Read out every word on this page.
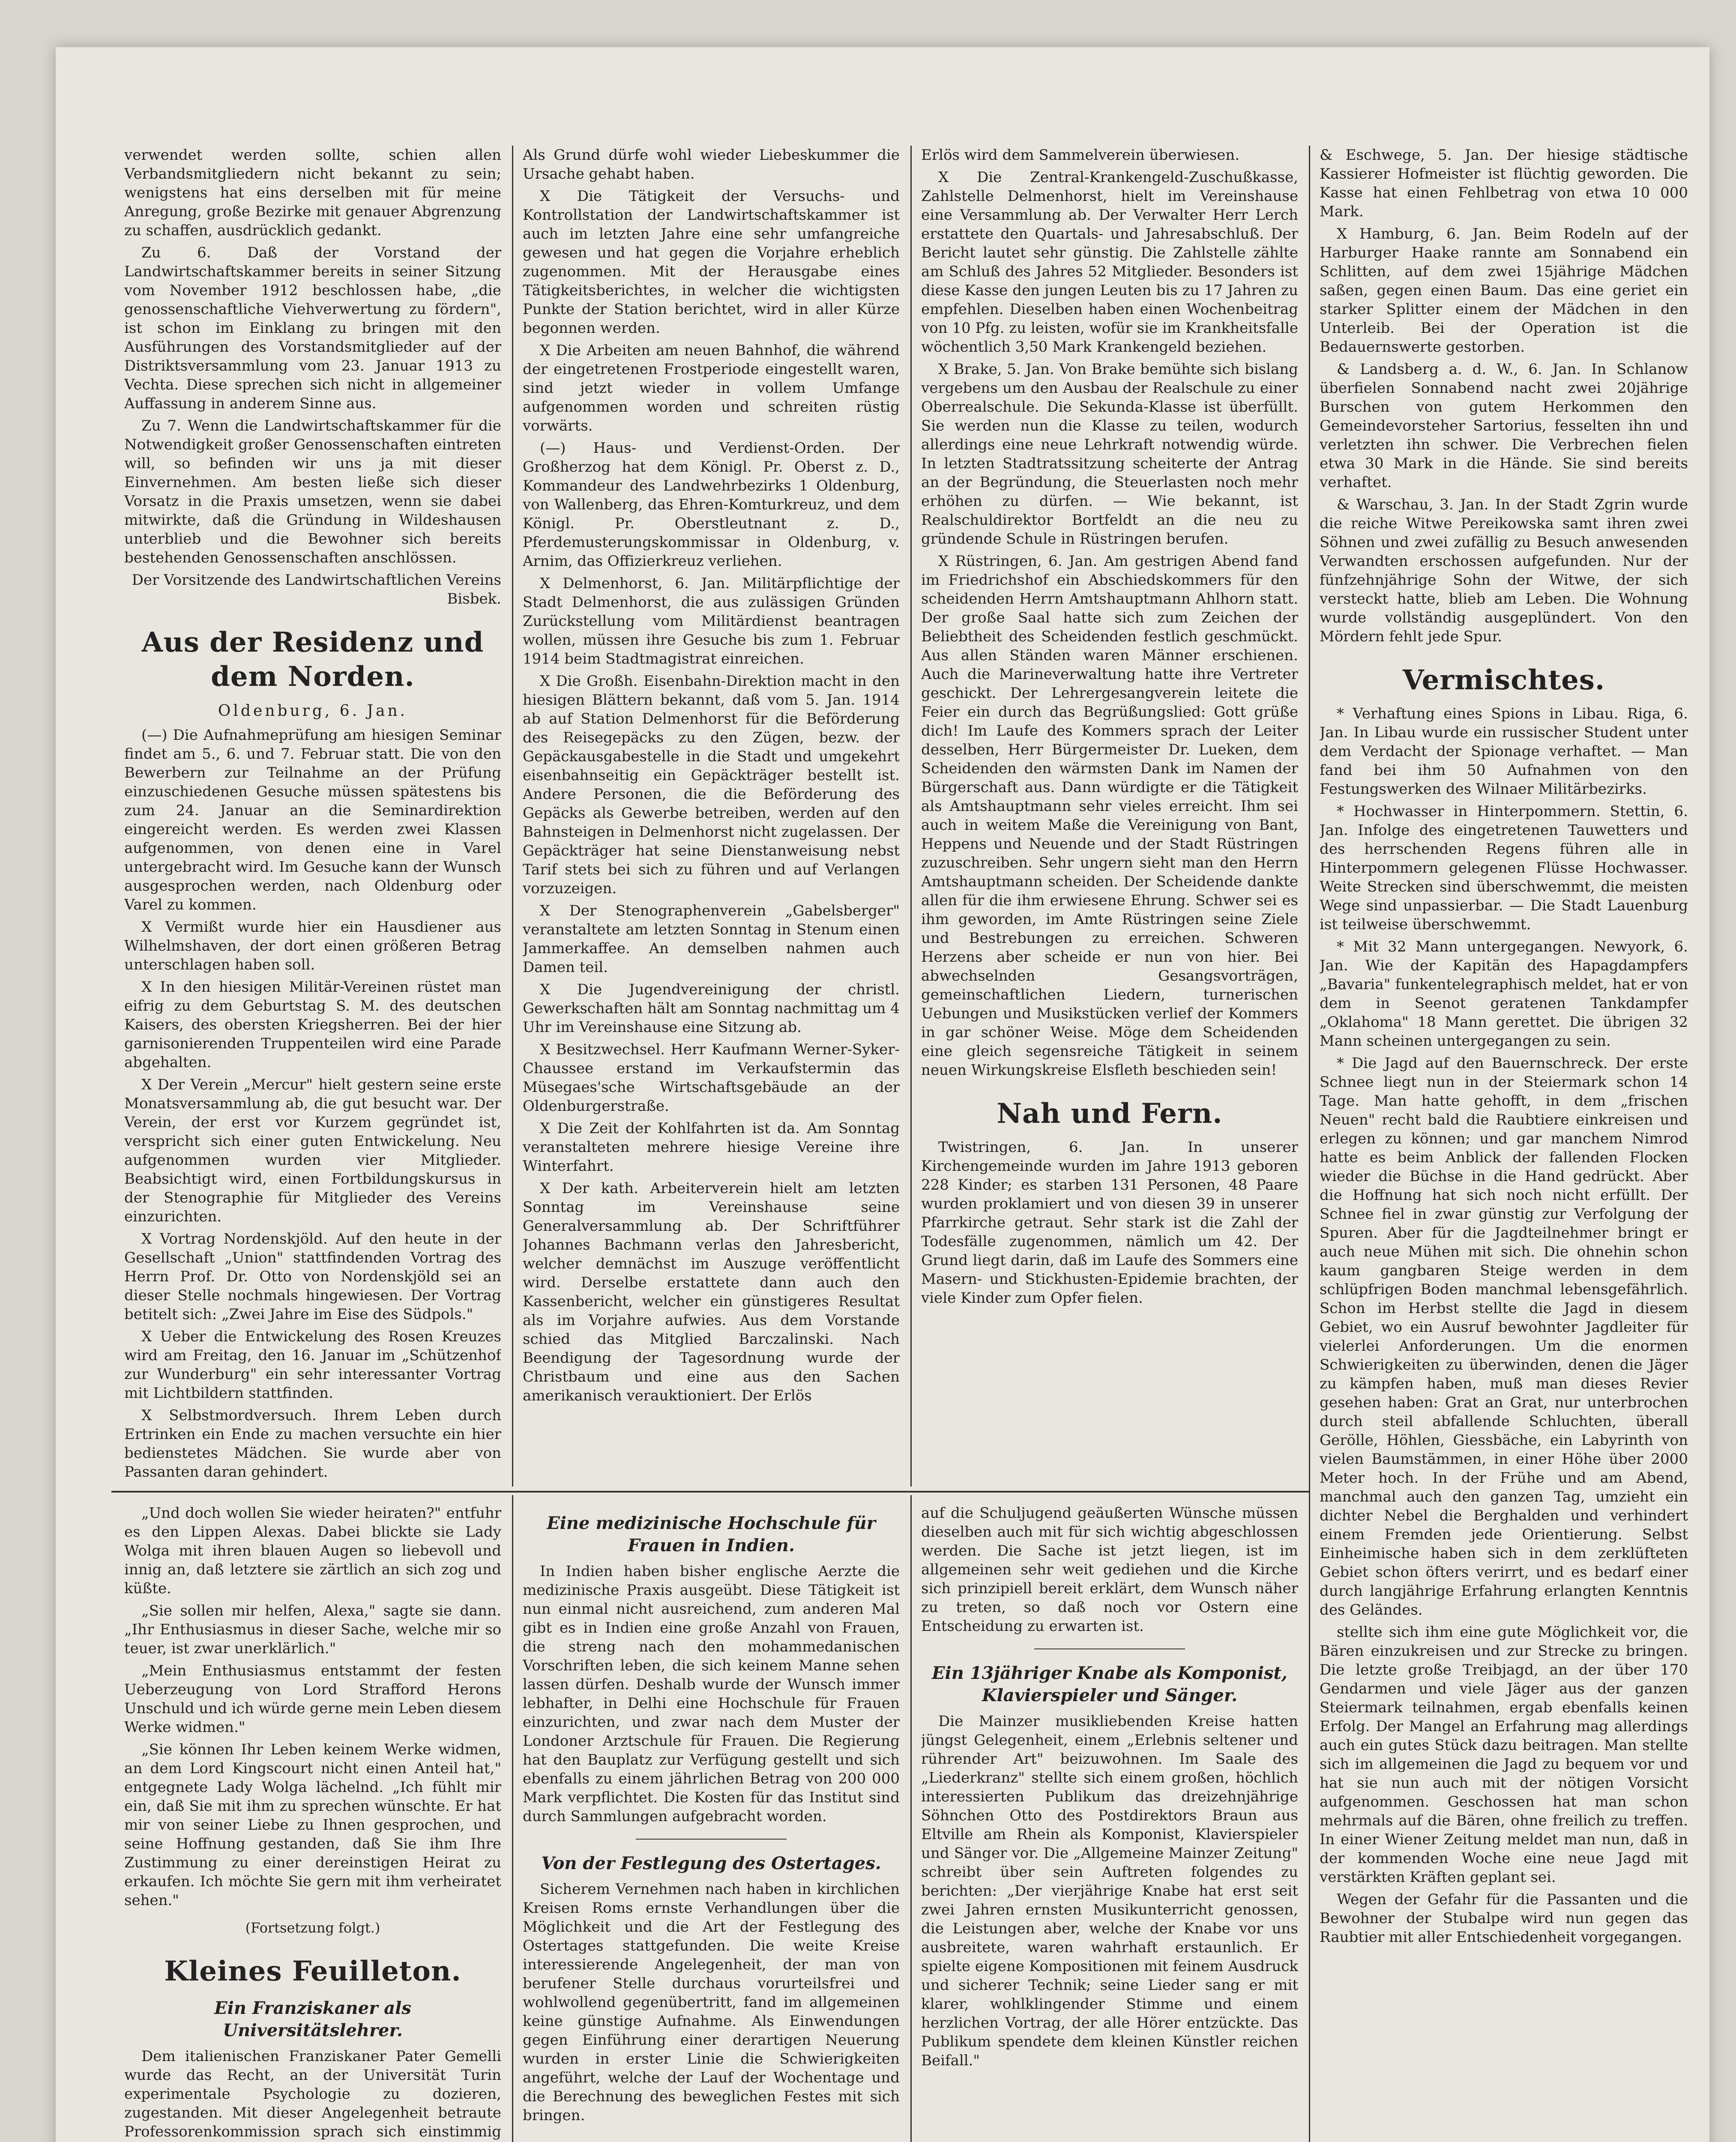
verwendet werden sollte, schien allen Verbandsmitgliedern nicht bekannt zu sein; wenigstens hat eins derselben mit für meine Anregung, große Bezirke mit genauer Abgrenzung zu schaffen, ausdrücklich gedankt.

Zu 6. Daß der Vorstand der Landwirtschaftskammer bereits in seiner Sitzung vom November 1912 beschlossen habe, „die genossenschaftliche Viehverwertung zu fördern", ist schon im Einklang zu bringen mit den Ausführungen des Vorstandsmitglieder auf der Distriktsversammlung vom 23. Januar 1913 zu Vechta. Diese sprechen sich nicht in allgemeiner Auffassung in anderem Sinne aus.

Zu 7. Wenn die Landwirtschaftskammer für die Notwendigkeit großer Genossenschaften eintreten will, so befinden wir uns ja mit dieser Einvernehmen. Am besten ließe sich dieser Vorsatz in die Praxis umsetzen, wenn sie dabei mitwirkte, daß die Gründung in Wildeshausen unterblieb und die Bewohner sich bereits bestehenden Genossenschaften anschlössen.

Der Vorsitzende des Landwirtschaftlichen Vereins Bisbek.

Aus der Residenz und dem Norden.
Oldenburg, 6. Jan.

(—) Die Aufnahmeprüfung am hiesigen Seminar findet am 5., 6. und 7. Februar statt. Die von den Bewerbern zur Teilnahme an der Prüfung einzuschiedenen Gesuche müssen spätestens bis zum 24. Januar an die Seminardirektion eingereicht werden. Es werden zwei Klassen aufgenommen, von denen eine in Varel untergebracht wird. Im Gesuche kann der Wunsch ausgesprochen werden, nach Oldenburg oder Varel zu kommen.

X Vermißt wurde hier ein Hausdiener aus Wilhelmshaven, der dort einen größeren Betrag unterschlagen haben soll.

X In den hiesigen Militär-Vereinen rüstet man eifrig zu dem Geburtstag S. M. des deutschen Kaisers, des obersten Kriegsherren. Bei der hier garnisonierenden Truppenteilen wird eine Parade abgehalten.

X Der Verein „Mercur" hielt gestern seine erste Monatsversammlung ab, die gut besucht war. Der Verein, der erst vor Kurzem gegründet ist, verspricht sich einer guten Entwickelung. Neu aufgenommen wurden vier Mitglieder. Beabsichtigt wird, einen Fortbildungskursus in der Stenographie für Mitglieder des Vereins einzurichten.

X Vortrag Nordenskjöld. Auf den heute in der Gesellschaft „Union" stattfindenden Vortrag des Herrn Prof. Dr. Otto von Nordenskjöld sei an dieser Stelle nochmals hingewiesen. Der Vortrag betitelt sich: „Zwei Jahre im Eise des Südpols."

X Ueber die Entwickelung des Rosen Kreuzes wird am Freitag, den 16. Januar im „Schützenhof zur Wunderburg" ein sehr interessanter Vortrag mit Lichtbildern stattfinden.

X Selbstmordversuch. Ihrem Leben durch Ertrinken ein Ende zu machen versuchte ein hier bedienstetes Mädchen. Sie wurde aber von Passanten daran gehindert.

Als Grund dürfe wohl wieder Liebeskummer die Ursache gehabt haben.

X Die Tätigkeit der Versuchs- und Kontrollstation der Landwirtschaftskammer ist auch im letzten Jahre eine sehr umfangreiche gewesen und hat gegen die Vorjahre erheblich zugenommen. Mit der Herausgabe eines Tätigkeitsberichtes, in welcher die wichtigsten Punkte der Station berichtet, wird in aller Kürze begonnen werden.

X Die Arbeiten am neuen Bahnhof, die während der eingetretenen Frostperiode eingestellt waren, sind jetzt wieder in vollem Umfange aufgenommen worden und schreiten rüstig vorwärts.

(—) Haus- und Verdienst-Orden. Der Großherzog hat dem Königl. Pr. Oberst z. D., Kommandeur des Landwehrbezirks 1 Oldenburg, von Wallenberg, das Ehren-Komturkreuz, und dem Königl. Pr. Oberstleutnant z. D., Pferdemusterungskommissar in Oldenburg, v. Arnim, das Offizierkreuz verliehen.

X Delmenhorst, 6. Jan. Militärpflichtige der Stadt Delmenhorst, die aus zulässigen Gründen Zurückstellung vom Militärdienst beantragen wollen, müssen ihre Gesuche bis zum 1. Februar 1914 beim Stadtmagistrat einreichen.

X Die Großh. Eisenbahn-Direktion macht in den hiesigen Blättern bekannt, daß vom 5. Jan. 1914 ab auf Station Delmenhorst für die Beförderung des Reisegepäcks zu den Zügen, bezw. der Gepäckausgabestelle in die Stadt und umgekehrt eisenbahnseitig ein Gepäckträger bestellt ist. Andere Personen, die die Beförderung des Gepäcks als Gewerbe betreiben, werden auf den Bahnsteigen in Delmenhorst nicht zugelassen. Der Gepäckträger hat seine Dienstanweisung nebst Tarif stets bei sich zu führen und auf Verlangen vorzuzeigen.

X Der Stenographenverein „Gabelsberger" veranstaltete am letzten Sonntag in Stenum einen Jammerkaffee. An demselben nahmen auch Damen teil.

X Die Jugendvereinigung der christl. Gewerkschaften hält am Sonntag nachmittag um 4 Uhr im Vereinshause eine Sitzung ab.

X Besitzwechsel. Herr Kaufmann Werner-Syker-Chaussee erstand im Verkaufstermin das Müsegaes'sche Wirtschaftsgebäude an der Oldenburgerstraße.

X Die Zeit der Kohlfahrten ist da. Am Sonntag veranstalteten mehrere hiesige Vereine ihre Winterfahrt.

X Der kath. Arbeiterverein hielt am letzten Sonntag im Vereinshause seine Generalversammlung ab. Der Schriftführer Johannes Bachmann verlas den Jahresbericht, welcher demnächst im Auszuge veröffentlicht wird. Derselbe erstattete dann auch den Kassenbericht, welcher ein günstigeres Resultat als im Vorjahre aufwies. Aus dem Vorstande schied das Mitglied Barczalinski. Nach Beendigung der Tagesordnung wurde der Christbaum und eine aus den Sachen amerikanisch verauktioniert. Der Erlös

Erlös wird dem Sammelverein überwiesen.

X Die Zentral-Krankengeld-Zuschußkasse, Zahlstelle Delmenhorst, hielt im Vereinshause eine Versammlung ab. Der Verwalter Herr Lerch erstattete den Quartals- und Jahresabschluß. Der Bericht lautet sehr günstig. Die Zahlstelle zählte am Schluß des Jahres 52 Mitglieder. Besonders ist diese Kasse den jungen Leuten bis zu 17 Jahren zu empfehlen. Dieselben haben einen Wochenbeitrag von 10 Pfg. zu leisten, wofür sie im Krankheitsfalle wöchentlich 3,50 Mark Krankengeld beziehen.

X Brake, 5. Jan. Von Brake bemühte sich bislang vergebens um den Ausbau der Realschule zu einer Oberrealschule. Die Sekunda-Klasse ist überfüllt. Sie werden nun die Klasse zu teilen, wodurch allerdings eine neue Lehrkraft notwendig würde. In letzten Stadtratssitzung scheiterte der Antrag an der Begründung, die Steuerlasten noch mehr erhöhen zu dürfen. — Wie bekannt, ist Realschuldirektor Bortfeldt an die neu zu gründende Schule in Rüstringen berufen.

X Rüstringen, 6. Jan. Am gestrigen Abend fand im Friedrichshof ein Abschiedskommers für den scheidenden Herrn Amtshauptmann Ahlhorn statt. Der große Saal hatte sich zum Zeichen der Beliebtheit des Scheidenden festlich geschmückt. Aus allen Ständen waren Männer erschienen. Auch die Marineverwaltung hatte ihre Vertreter geschickt. Der Lehrergesangverein leitete die Feier ein durch das Begrüßungslied: Gott grüße dich! Im Laufe des Kommers sprach der Leiter desselben, Herr Bürgermeister Dr. Lueken, dem Scheidenden den wärmsten Dank im Namen der Bürgerschaft aus. Dann würdigte er die Tätigkeit als Amtshauptmann sehr vieles erreicht. Ihm sei auch in weitem Maße die Vereinigung von Bant, Heppens und Neuende und der Stadt Rüstringen zuzuschreiben. Sehr ungern sieht man den Herrn Amtshauptmann scheiden. Der Scheidende dankte allen für die ihm erwiesene Ehrung. Schwer sei es ihm geworden, im Amte Rüstringen seine Ziele und Bestrebungen zu erreichen. Schweren Herzens aber scheide er nun von hier. Bei abwechselnden Gesangsvorträgen, gemeinschaftlichen Liedern, turnerischen Uebungen und Musikstücken verlief der Kommers in gar schöner Weise. Möge dem Scheidenden eine gleich segensreiche Tätigkeit in seinem neuen Wirkungskreise Elsfleth beschieden sein!

Nah und Fern.

Twistringen, 6. Jan. In unserer Kirchengemeinde wurden im Jahre 1913 geboren 228 Kinder; es starben 131 Personen, 48 Paare wurden proklamiert und von diesen 39 in unserer Pfarrkirche getraut. Sehr stark ist die Zahl der Todesfälle zugenommen, nämlich um 42. Der Grund liegt darin, daß im Laufe des Sommers eine Masern- und Stickhusten-Epidemie brachten, der viele Kinder zum Opfer fielen.

& Eschwege, 5. Jan. Der hiesige städtische Kassierer Hofmeister ist flüchtig geworden. Die Kasse hat einen Fehlbetrag von etwa 10 000 Mark.

X Hamburg, 6. Jan. Beim Rodeln auf der Harburger Haake rannte am Sonnabend ein Schlitten, auf dem zwei 15jährige Mädchen saßen, gegen einen Baum. Das eine geriet ein starker Splitter einem der Mädchen in den Unterleib. Bei der Operation ist die Bedauernswerte gestorben.

& Landsberg a. d. W., 6. Jan. In Schlanow überfielen Sonnabend nacht zwei 20jährige Burschen von gutem Herkommen den Gemeindevorsteher Sartorius, fesselten ihn und verletzten ihn schwer. Die Verbrechen fielen etwa 30 Mark in die Hände. Sie sind bereits verhaftet.

& Warschau, 3. Jan. In der Stadt Zgrin wurde die reiche Witwe Pereikowska samt ihren zwei Söhnen und zwei zufällig zu Besuch anwesenden Verwandten erschossen aufgefunden. Nur der fünfzehnjährige Sohn der Witwe, der sich versteckt hatte, blieb am Leben. Die Wohnung wurde vollständig ausgeplündert. Von den Mördern fehlt jede Spur.

Vermischtes.

* Verhaftung eines Spions in Libau. Riga, 6. Jan. In Libau wurde ein russischer Student unter dem Verdacht der Spionage verhaftet. — Man fand bei ihm 50 Aufnahmen von den Festungswerken des Wilnaer Militärbezirks.

* Hochwasser in Hinterpommern. Stettin, 6. Jan. Infolge des eingetretenen Tauwetters und des herrschenden Regens führen alle in Hinterpommern gelegenen Flüsse Hochwasser. Weite Strecken sind überschwemmt, die meisten Wege sind unpassierbar. — Die Stadt Lauenburg ist teilweise überschwemmt.

* Mit 32 Mann untergegangen. Newyork, 6. Jan. Wie der Kapitän des Hapagdampfers „Bavaria" funkentelegraphisch meldet, hat er von dem in Seenot geratenen Tankdampfer „Oklahoma" 18 Mann gerettet. Die übrigen 32 Mann scheinen untergegangen zu sein.

* Die Jagd auf den Bauernschreck. Der erste Schnee liegt nun in der Steiermark schon 14 Tage. Man hatte gehofft, in dem „frischen Neuen" recht bald die Raubtiere einkreisen und erlegen zu können; und gar manchem Nimrod hatte es beim Anblick der fallenden Flocken wieder die Büchse in die Hand gedrückt. Aber die Hoffnung hat sich noch nicht erfüllt. Der Schnee fiel in zwar günstig zur Verfolgung der Spuren. Aber für die Jagdteilnehmer bringt er auch neue Mühen mit sich. Die ohnehin schon kaum gangbaren Steige werden in dem schlüpfrigen Boden manchmal lebensgefährlich. Schon im Herbst stellte die Jagd in diesem Gebiet, wo ein Ausruf bewohnter Jagdleiter für vielerlei Anforderungen. Um die enormen Schwierigkeiten zu überwinden, denen die Jäger zu kämpfen haben, muß man dieses Revier gesehen haben: Grat an Grat, nur unterbrochen durch steil abfallende Schluchten, überall Gerölle, Höhlen, Giessbäche, ein Labyrinth von vielen Baumstämmen, in einer Höhe über 2000 Meter hoch. In der Frühe und am Abend, manchmal auch den ganzen Tag, umzieht ein dichter Nebel die Berghalden und verhindert einem Fremden jede Orientierung. Selbst Einheimische haben sich in dem zerklüfteten Gebiet schon öfters verirrt, und es bedarf einer durch langjährige Erfahrung erlangten Kenntnis des Geländes.

stellte sich ihm eine gute Möglichkeit vor, die Bären einzukreisen und zur Strecke zu bringen. Die letzte große Treibjagd, an der über 170 Gendarmen und viele Jäger aus der ganzen Steiermark teilnahmen, ergab ebenfalls keinen Erfolg. Der Mangel an Erfahrung mag allerdings auch ein gutes Stück dazu beitragen. Man stellte sich im allgemeinen die Jagd zu bequem vor und hat sie nun auch mit der nötigen Vorsicht aufgenommen. Geschossen hat man schon mehrmals auf die Bären, ohne freilich zu treffen. In einer Wiener Zeitung meldet man nun, daß in der kommenden Woche eine neue Jagd mit verstärkten Kräften geplant sei.

Wegen der Gefahr für die Passanten und die Bewohner der Stubalpe wird nun gegen das Raubtier mit aller Entschiedenheit vorgegangen.

„Und doch wollen Sie wieder heiraten?" entfuhr es den Lippen Alexas. Dabei blickte sie Lady Wolga mit ihren blauen Augen so liebevoll und innig an, daß letztere sie zärtlich an sich zog und küßte.

„Sie sollen mir helfen, Alexa," sagte sie dann. „Ihr Enthusiasmus in dieser Sache, welche mir so teuer, ist zwar unerklärlich."

„Mein Enthusiasmus entstammt der festen Ueberzeugung von Lord Strafford Herons Unschuld und ich würde gerne mein Leben diesem Werke widmen."

„Sie können Ihr Leben keinem Werke widmen, an dem Lord Kingscourt nicht einen Anteil hat," entgegnete Lady Wolga lächelnd. „Ich fühlt mir ein, daß Sie mit ihm zu sprechen wünschte. Er hat mir von seiner Liebe zu Ihnen gesprochen, und seine Hoffnung gestanden, daß Sie ihm Ihre Zustimmung zu einer dereinstigen Heirat zu erkaufen. Ich möchte Sie gern mit ihm verheiratet sehen."

(Fortsetzung folgt.)
Kleines Feuilleton.
Ein Franziskaner als Universitätslehrer.

Dem italienischen Franziskaner Pater Gemelli wurde das Recht, an der Universität Turin experimentale Psychologie zu dozieren, zugestanden. Mit dieser Angelegenheit betraute Professorenkommission sprach sich einstimmig

Eine medizinische Hochschule für Frauen in Indien.

In Indien haben bisher englische Aerzte die medizinische Praxis ausgeübt. Diese Tätigkeit ist nun einmal nicht ausreichend, zum anderen Mal gibt es in Indien eine große Anzahl von Frauen, die streng nach den mohammedanischen Vorschriften leben, die sich keinem Manne sehen lassen dürfen. Deshalb wurde der Wunsch immer lebhafter, in Delhi eine Hochschule für Frauen einzurichten, und zwar nach dem Muster der Londoner Arztschule für Frauen. Die Regierung hat den Bauplatz zur Verfügung gestellt und sich ebenfalls zu einem jährlichen Betrag von 200 000 Mark verpflichtet. Die Kosten für das Institut sind durch Sammlungen aufgebracht worden.

Von der Festlegung des Ostertages.

Sicherem Vernehmen nach haben in kirchlichen Kreisen Roms ernste Verhandlungen über die Möglichkeit und die Art der Festlegung des Ostertages stattgefunden. Die weite Kreise interessierende Angelegenheit, der man von berufener Stelle durchaus vorurteilsfrei und wohlwollend gegenübertritt, fand im allgemeinen keine günstige Aufnahme. Als Einwendungen gegen Einführung einer derartigen Neuerung wurden in erster Linie die Schwierigkeiten angeführt, welche der Lauf der Wochentage und die Berechnung des beweglichen Festes mit sich bringen.

auf die Schuljugend geäußerten Wünsche müssen dieselben auch mit für sich wichtig abgeschlossen werden. Die Sache ist jetzt liegen, ist im allgemeinen sehr weit gediehen und die Kirche sich prinzipiell bereit erklärt, dem Wunsch näher zu treten, so daß noch vor Ostern eine Entscheidung zu erwarten ist.

Ein 13jähriger Knabe als Komponist, Klavierspieler und Sänger.

Die Mainzer musikliebenden Kreise hatten jüngst Gelegenheit, einem „Erlebnis seltener und rührender Art" beizuwohnen. Im Saale des „Liederkranz" stellte sich einem großen, höchlich interessierten Publikum das dreizehnjährige Söhnchen Otto des Postdirektors Braun aus Eltville am Rhein als Komponist, Klavierspieler und Sänger vor. Die „Allgemeine Mainzer Zeitung" schreibt über sein Auftreten folgendes zu berichten: „Der vierjährige Knabe hat erst seit zwei Jahren ernsten Musikunterricht genossen, die Leistungen aber, welche der Knabe vor uns ausbreitete, waren wahrhaft erstaunlich. Er spielte eigene Kompositionen mit feinem Ausdruck und sicherer Technik; seine Lieder sang er mit klarer, wohlklingender Stimme und einem herzlichen Vortrag, der alle Hörer entzückte. Das Publikum spendete dem kleinen Künstler reichen Beifall."
